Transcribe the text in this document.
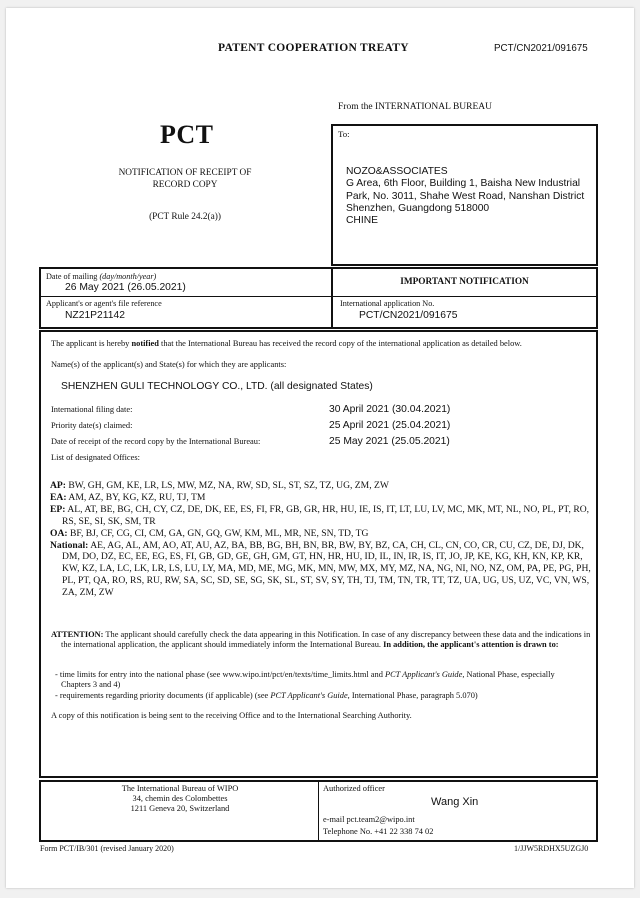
PATENT COOPERATION TREATY	PCT/CN2021/091675
From the INTERNATIONAL BUREAU
PCT
NOTIFICATION OF RECEIPT OF
RECORD COPY
(PCT Rule 24.2(a))
To:
NOZO&ASSOCIATES
G Area, 6th Floor, Building 1, Baisha New Industrial
Park, No. 3011, Shahe West Road, Nanshan District
Shenzhen, Guangdong 518000
CHINE
Date of mailing (day/month/year)
26 May 2021 (26.05.2021)	IMPORTANT NOTIFICATION
Applicant's or agent's file reference
NZ21P21142
International application No.
PCT/CN2021/091675
The applicant is hereby notified that the International Bureau has received the record copy of the international application as detailed below.
Name(s) of the applicant(s) and State(s) for which they are applicants:
SHENZHEN GULI TECHNOLOGY CO., LTD. (all designated States)
International filing date:	30 April 2021 (30.04.2021)
Priority date(s) claimed:	25 April 2021 (25.04.2021)
Date of receipt of the record copy by the International Bureau:	25 May 2021 (25.05.2021)
List of designated Offices:
AP: BW, GH, GM, KE, LR, LS, MW, MZ, NA, RW, SD, SL, ST, SZ, TZ, UG, ZM, ZW
EA: AM, AZ, BY, KG, KZ, RU, TJ, TM
EP: AL, AT, BE, BG, CH, CY, CZ, DE, DK, EE, ES, FI, FR, GB, GR, HR, HU, IE, IS, IT, LT, LU, LV, MC, MK, MT, NL, NO, PL, PT, RO, RS, SE, SI, SK, SM, TR
OA: BF, BJ, CF, CG, CI, CM, GA, GN, GQ, GW, KM, ML, MR, NE, SN, TD, TG
National: AE, AG, AL, AM, AO, AT, AU, AZ, BA, BB, BG, BH, BN, BR, BW, BY, BZ, CA, CH, CL, CN, CO, CR, CU, CZ, DE, DJ, DK, DM, DO, DZ, EC, EE, EG, ES, FI, GB, GD, GE, GH, GM, GT, HN, HR, HU, ID, IL, IN, IR, IS, IT, JO, JP, KE, KG, KH, KN, KP, KR, KW, KZ, LA, LC, LK, LR, LS, LU, LY, MA, MD, ME, MG, MK, MN, MW, MX, MY, MZ, NA, NG, NI, NO, NZ, OM, PA, PE, PG, PH, PL, PT, QA, RO, RS, RU, RW, SA, SC, SD, SE, SG, SK, SL, ST, SV, SY, TH, TJ, TM, TN, TR, TT, TZ, UA, UG, US, UZ, VC, VN, WS, ZA, ZM, ZW
ATTENTION: The applicant should carefully check the data appearing in this Notification. In case of any discrepancy between these data and the indications in the international application, the applicant should immediately inform the International Bureau. In addition, the applicant's attention is drawn to:
- time limits for entry into the national phase (see www.wipo.int/pct/en/texts/time_limits.html and PCT Applicant's Guide, National Phase, especially Chapters 3 and 4)
- requirements regarding priority documents (if applicable) (see PCT Applicant's Guide, International Phase, paragraph 5.070)
A copy of this notification is being sent to the receiving Office and to the International Searching Authority.
The International Bureau of WIPO
34, chemin des Colombettes
1211 Geneva 20, Switzerland
Authorized officer
Wang Xin
e-mail pct.team2@wipo.int
Telephone No. +41 22 338 74 02
Form PCT/IB/301 (revised January 2020)	1/JJW5RDHX5UZGJ0
